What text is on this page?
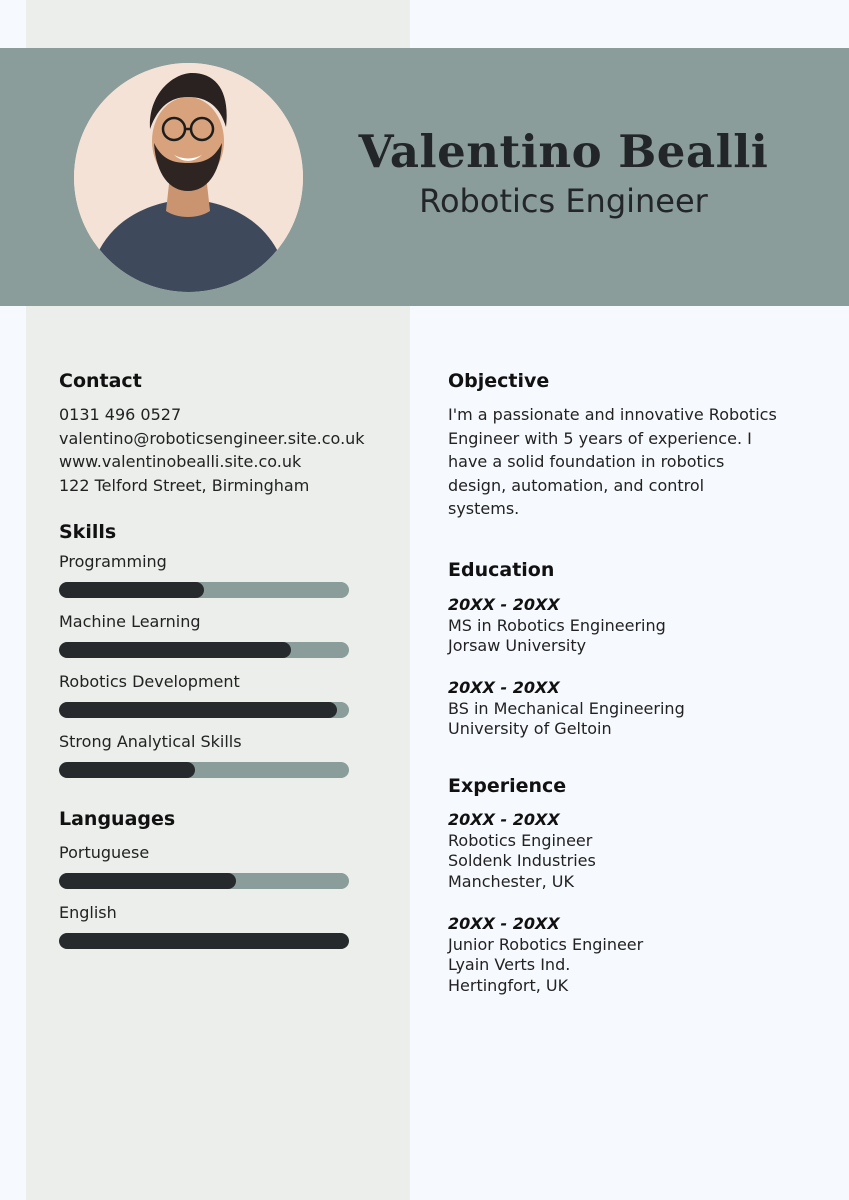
Valentino Bealli
Robotics Engineer
Contact
0131 496 0527
valentino@roboticsengineer.site.co.uk
www.valentinobealli.site.co.uk
122 Telford Street, Birmingham
Skills
Programming
Machine Learning
Robotics Development
Strong Analytical Skills
Languages
Portuguese
English
Objective
I'm a passionate and innovative Robotics Engineer with 5 years of experience. I have a solid foundation in robotics design, automation, and control systems.
Education
20XX - 20XX
MS in Robotics Engineering
Jorsaw University
20XX - 20XX
BS in Mechanical Engineering
University of Geltoin
Experience
20XX - 20XX
Robotics Engineer
Soldenk Industries
Manchester, UK
20XX - 20XX
Junior Robotics Engineer
Lyain Verts Ind.
Hertingfort, UK
